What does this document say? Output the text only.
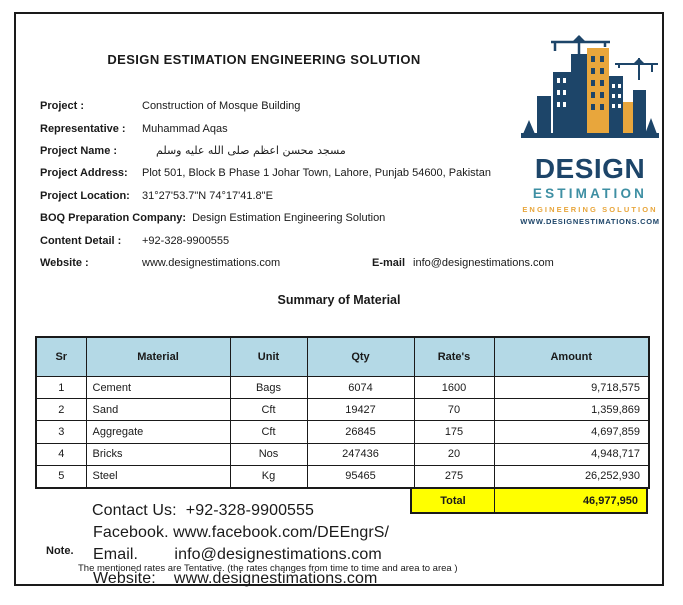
DESIGN ESTIMATION ENGINEERING SOLUTION
Project :	Construction of Mosque Building
Representative :	Muhammad Aqas
Project Name :	مسجد محسن اعظم صلى الله عليه وسلم
Project Address:	Plot 501, Block B Phase 1 Johar Town, Lahore, Punjab 54600, Pakistan
Project Location:	31°27'53.7"N 74°17'41.8"E
BOQ Preparation Company: Design Estimation Engineering Solution
Content Detail :	+92-328-9900555
Website :	www.designestimations.com	E-mail info@designestimations.com
Summary of Material
Sr	Material	Unit	Qty	Rate's	Amount
1	Cement	Bags	6074	1600	9,718,575
2	Sand	Cft	19427	70	1,359,869
3	Aggregate	Cft	26845	175	4,697,859
4	Bricks	Nos	247436	20	4,948,717
5	Steel	Kg	95465	275	26,252,930
Total	46,977,950
Note.
Contact Us:  +92-328-9900555
Facebook. www.facebook.com/DEEngrS/
Email.        info@designestimations.com
The mentioned rates are Tentative. (the rates changes from time to time and area to area )
Website:    www.designestimations.com
DESIGN
ESTIMATION
ENGINEERING SOLUTION
WWW.DESIGNESTIMATIONS.COM
